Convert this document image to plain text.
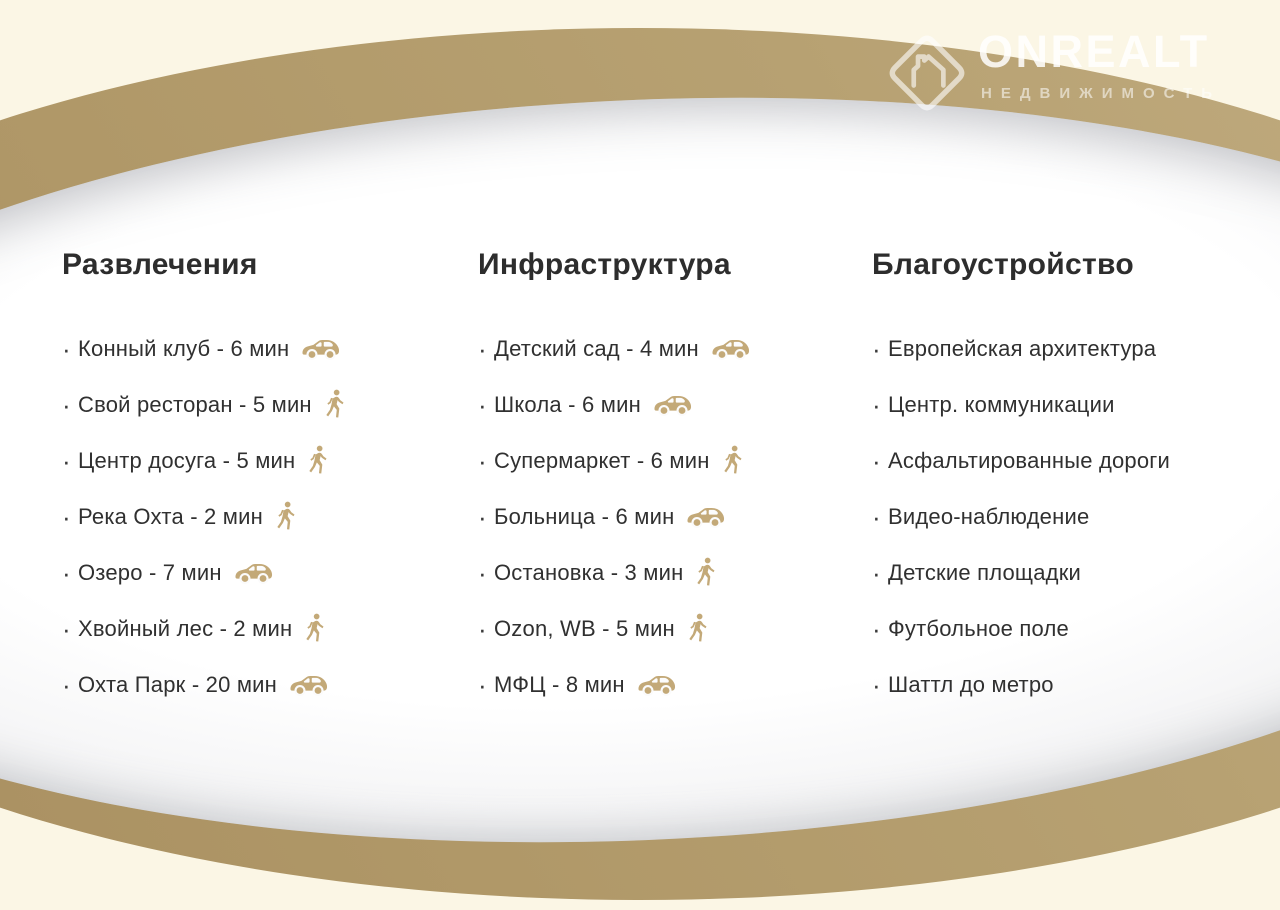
ONREALT
НЕДВИЖИМОСТЬ
Развлечения
· Конный клуб - 6 мин
· Свой ресторан - 5 мин
· Центр досуга - 5 мин
· Река Охта - 2 мин
· Озеро - 7 мин
· Хвойный лес - 2 мин
· Охта Парк - 20 мин
Инфраструктура
· Детский сад - 4 мин
· Школа - 6 мин
· Супермаркет - 6 мин
· Больница - 6 мин
· Остановка - 3 мин
· Ozon, WB - 5 мин
· МФЦ - 8 мин
Благоустройство
· Европейская архитектура
· Центр. коммуникации
· Асфальтированные дороги
· Видео-наблюдение
· Детские площадки
· Футбольное поле
· Шаттл до метро
